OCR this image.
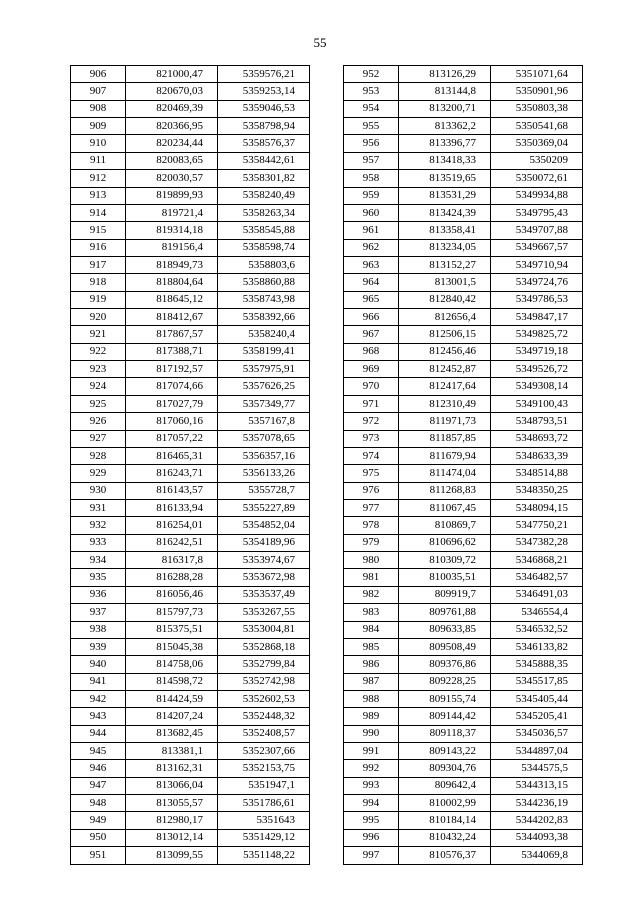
55
906	821000,47	5359576,21
907	820670,03	5359253,14
908	820469,39	5359046,53
909	820366,95	5358798,94
910	820234,44	5358576,37
911	820083,65	5358442,61
912	820030,57	5358301,82
913	819899,93	5358240,49
914	819721,4	5358263,34
915	819314,18	5358545,88
916	819156,4	5358598,74
917	818949,73	5358803,6
918	818804,64	5358860,88
919	818645,12	5358743,98
920	818412,67	5358392,66
921	817867,57	5358240,4
922	817388,71	5358199,41
923	817192,57	5357975,91
924	817074,66	5357626,25
925	817027,79	5357349,77
926	817060,16	5357167,8
927	817057,22	5357078,65
928	816465,31	5356357,16
929	816243,71	5356133,26
930	816143,57	5355728,7
931	816133,94	5355227,89
932	816254,01	5354852,04
933	816242,51	5354189,96
934	816317,8	5353974,67
935	816288,28	5353672,98
936	816056,46	5353537,49
937	815797,73	5353267,55
938	815375,51	5353004,81
939	815045,38	5352868,18
940	814758,06	5352799,84
941	814598,72	5352742,98
942	814424,59	5352602,53
943	814207,24	5352448,32
944	813682,45	5352408,57
945	813381,1	5352307,66
946	813162,31	5352153,75
947	813066,04	5351947,1
948	813055,57	5351786,61
949	812980,17	5351643
950	813012,14	5351429,12
951	813099,55	5351148,22
952	813126,29	5351071,64
953	813144,8	5350901,96
954	813200,71	5350803,38
955	813362,2	5350541,68
956	813396,77	5350369,04
957	813418,33	5350209
958	813519,65	5350072,61
959	813531,29	5349934,88
960	813424,39	5349795,43
961	813358,41	5349707,88
962	813234,05	5349667,57
963	813152,27	5349710,94
964	813001,5	5349724,76
965	812840,42	5349786,53
966	812656,4	5349847,17
967	812506,15	5349825,72
968	812456,46	5349719,18
969	812452,87	5349526,72
970	812417,64	5349308,14
971	812310,49	5349100,43
972	811971,73	5348793,51
973	811857,85	5348693,72
974	811679,94	5348633,39
975	811474,04	5348514,88
976	811268,83	5348350,25
977	811067,45	5348094,15
978	810869,7	5347750,21
979	810696,62	5347382,28
980	810309,72	5346868,21
981	810035,51	5346482,57
982	809919,7	5346491,03
983	809761,88	5346554,4
984	809633,85	5346532,52
985	809508,49	5346133,82
986	809376,86	5345888,35
987	809228,25	5345517,85
988	809155,74	5345405,44
989	809144,42	5345205,41
990	809118,37	5345036,57
991	809143,22	5344897,04
992	809304,76	5344575,5
993	809642,4	5344313,15
994	810002,99	5344236,19
995	810184,14	5344202,83
996	810432,24	5344093,38
997	810576,37	5344069,8
